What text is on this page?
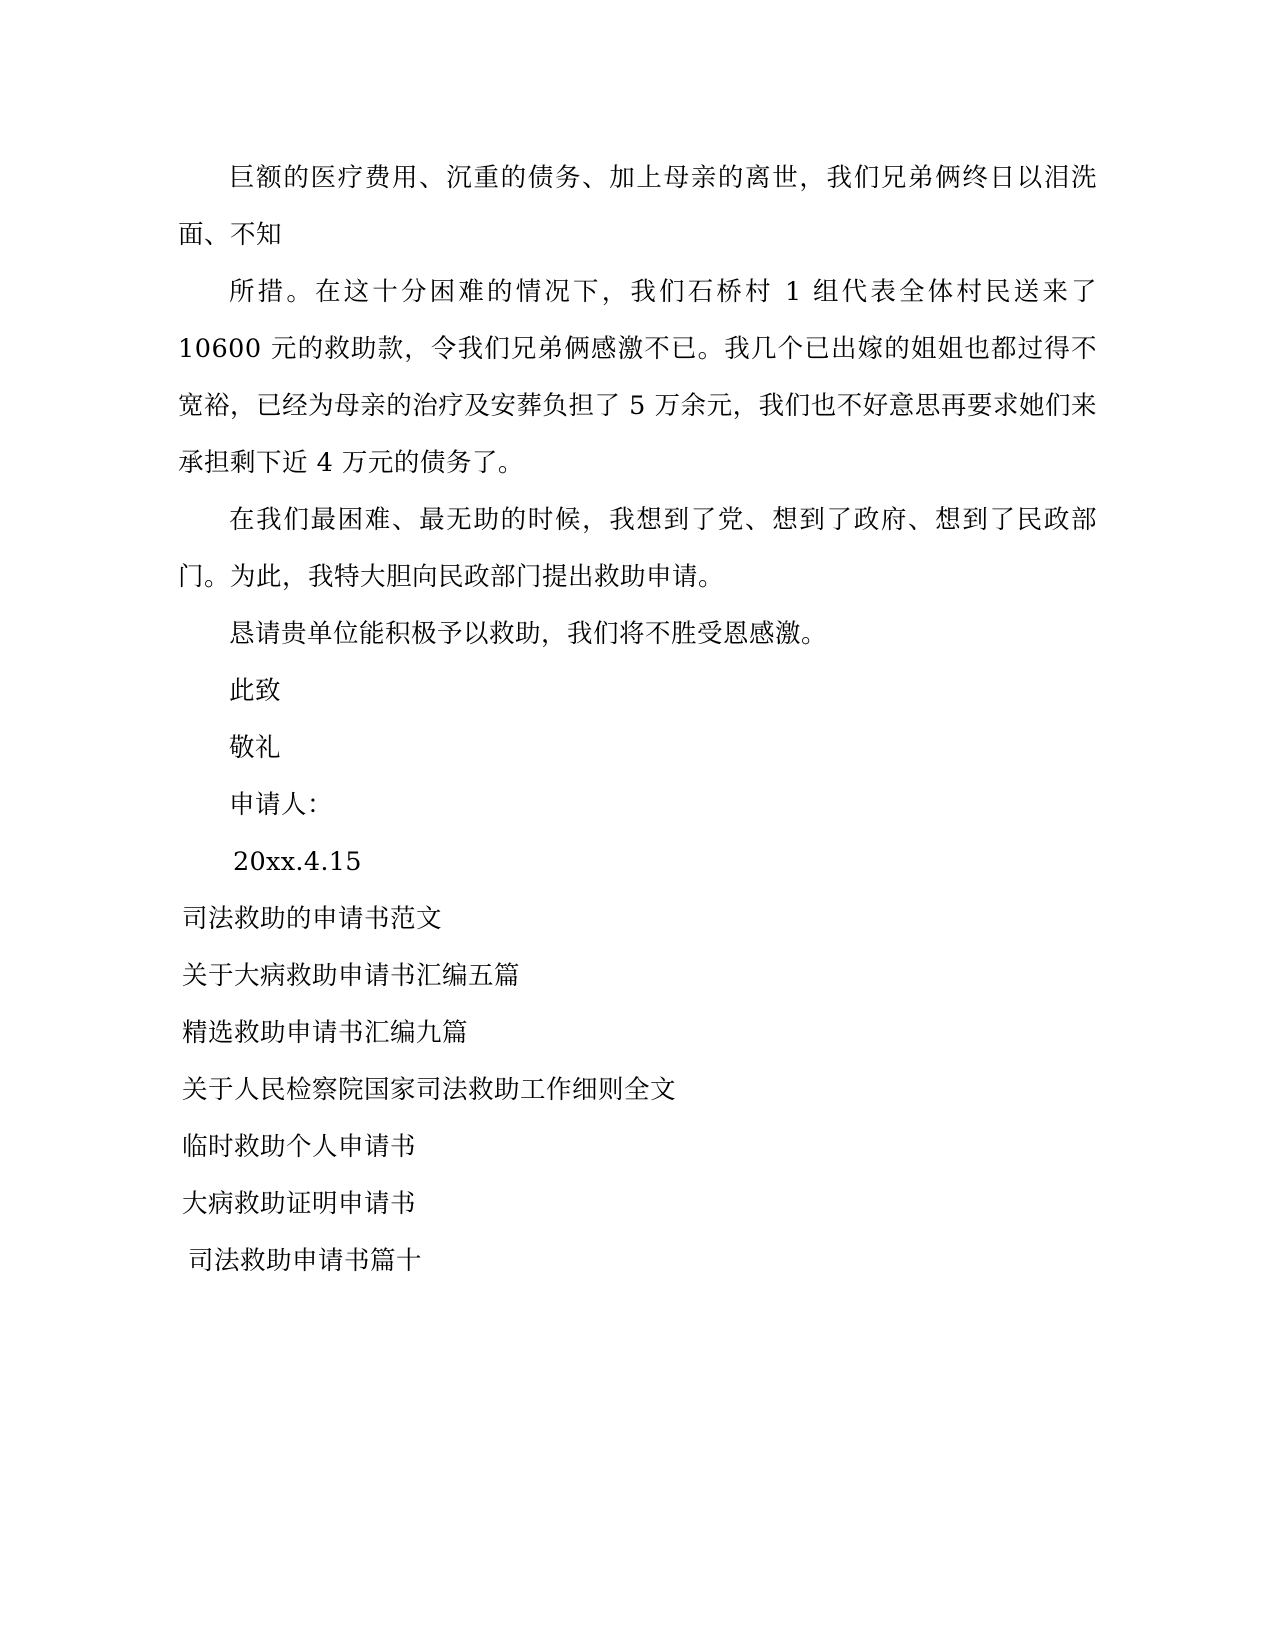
巨额的医疗费用、沉重的债务、加上母亲的离世，我们兄弟俩终日以泪洗面、不知

所措。在这十分困难的情况下，我们石桥村 1 组代表全体村民送来了 10600 元的救助款，令我们兄弟俩感激不已。我几个已出嫁的姐姐也都过得不宽裕，已经为母亲的治疗及安葬负担了 5 万余元，我们也不好意思再要求她们来承担剩下近 4 万元的债务了。

在我们最困难、最无助的时候，我想到了党、想到了政府、想到了民政部门。为此，我特大胆向民政部门提出救助申请。

恳请贵单位能积极予以救助，我们将不胜受恩感激。

此致

敬礼

申请人：

20xx.4.15

司法救助的申请书范文

关于大病救助申请书汇编五篇

精选救助申请书汇编九篇

关于人民检察院国家司法救助工作细则全文

临时救助个人申请书

大病救助证明申请书

司法救助申请书篇十
